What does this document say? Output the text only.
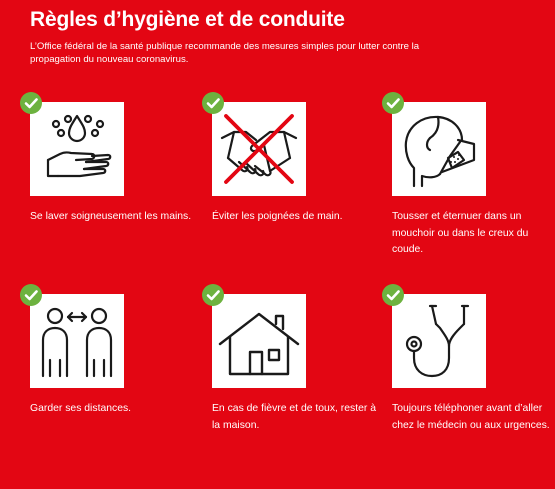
Règles d’hygiène et de conduite
L’Office fédéral de la santé publique recommande des mesures simples pour lutter contre la propagation du nouveau coronavirus.
Se laver soigneusement les mains.	Éviter les poignées de main.	Tousser et éternuer dans un mouchoir ou dans le creux du coude.
Garder ses distances.	En cas de fièvre et de toux, rester à la maison.
Toujours téléphoner avant d’aller chez le médecin ou aux urgences.
